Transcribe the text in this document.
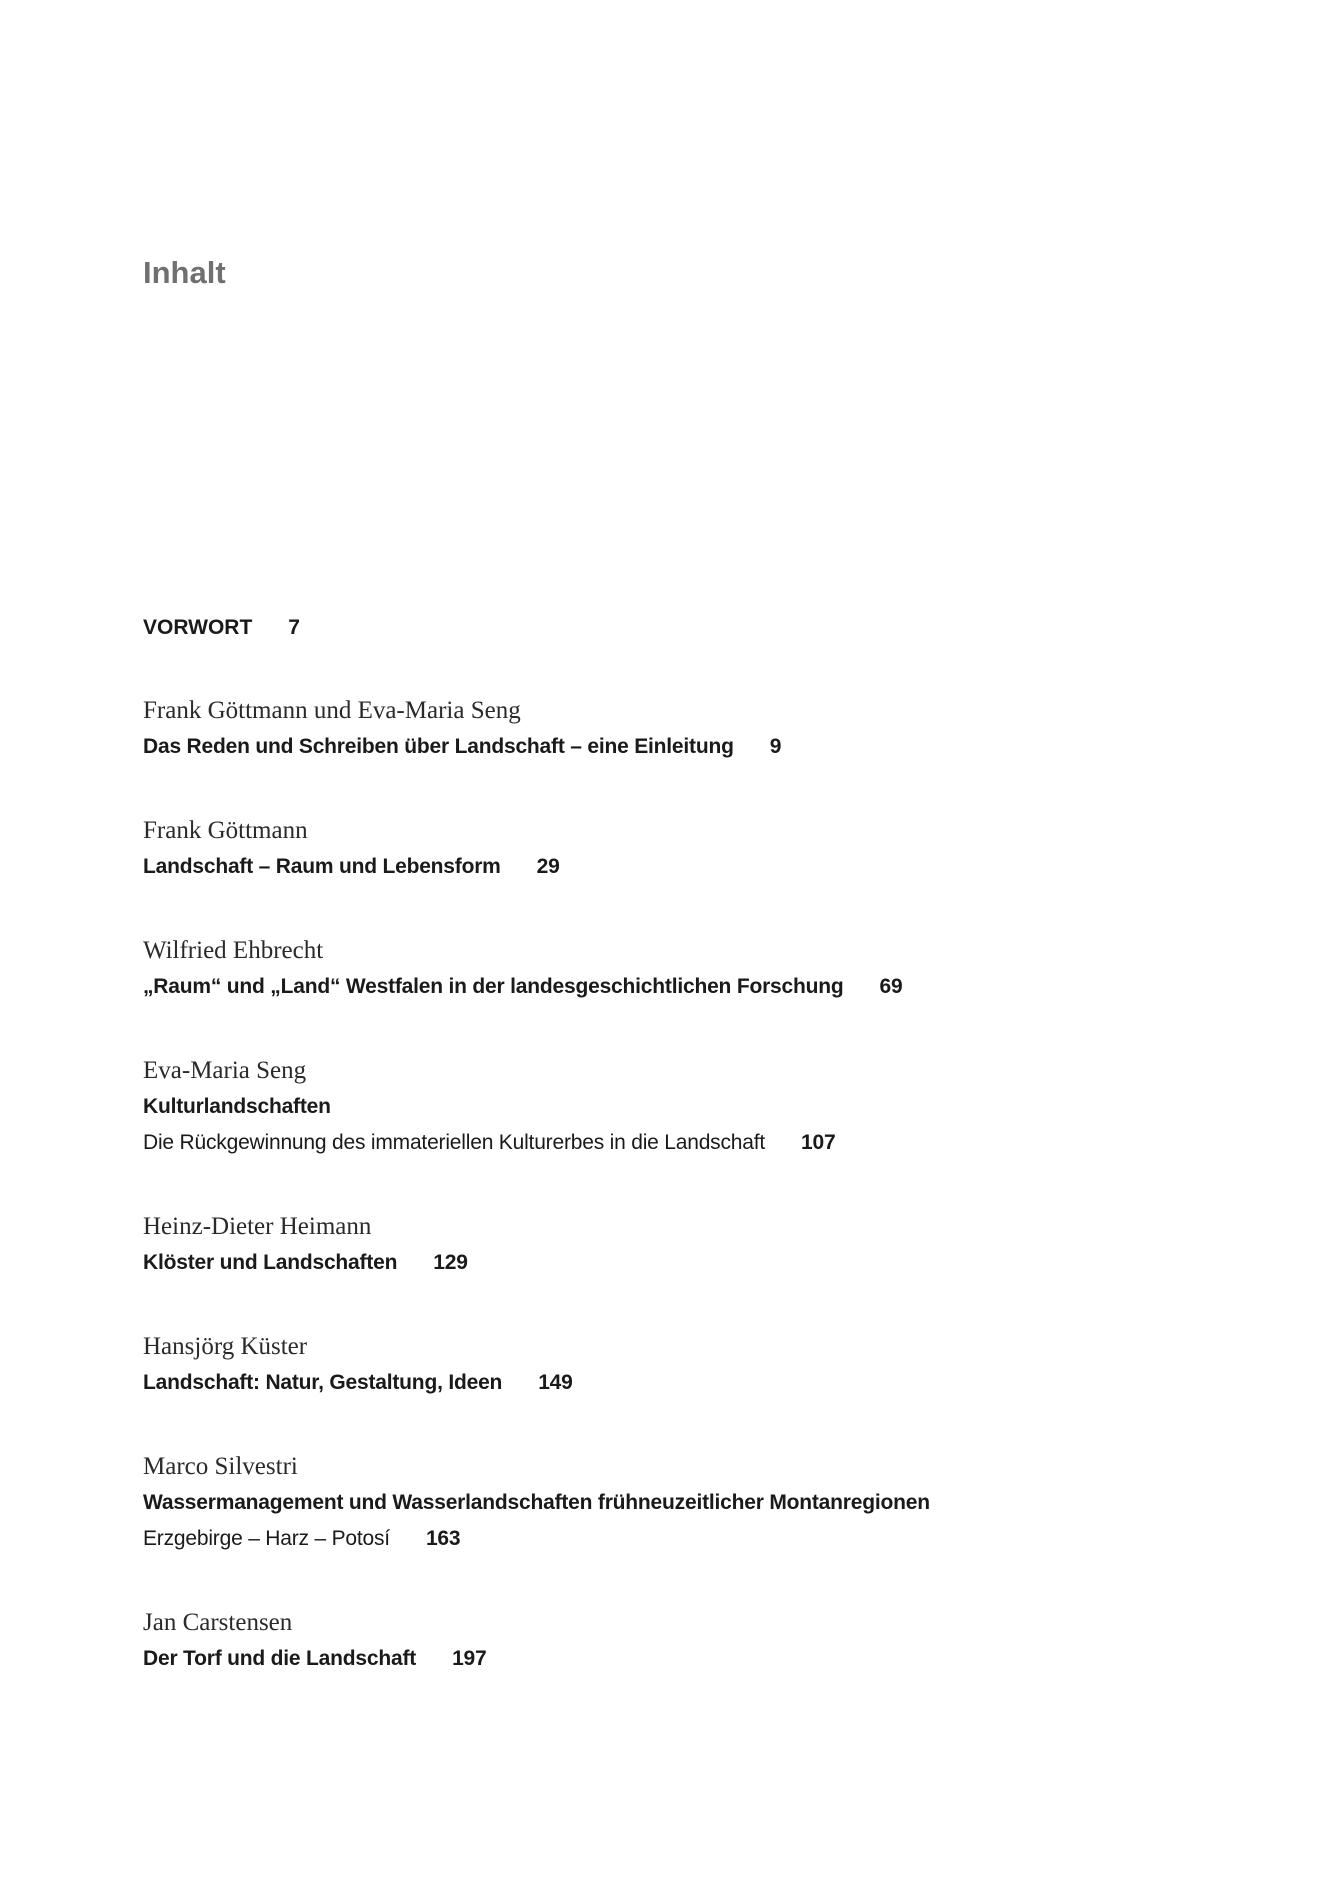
Inhalt

VORWORT 7

Frank Göttmann und Eva-Maria Seng
Das Reden und Schreiben über Landschaft – eine Einleitung 9
Frank Göttmann
Landschaft – Raum und Lebensform 29
Wilfried Ehbrecht
„Raum“ und „Land“ Westfalen in der landesgeschichtlichen Forschung 69
Eva-Maria Seng
Kulturlandschaften
Die Rückgewinnung des immateriellen Kulturerbes in die Landschaft 107
Heinz-Dieter Heimann
Klöster und Landschaften 129
Hansjörg Küster
Landschaft: Natur, Gestaltung, Ideen 149
Marco Silvestri
Wassermanagement und Wasserlandschaften frühneuzeitlicher Montanregionen
Erzgebirge – Harz – Potosí 163
Jan Carstensen
Der Torf und die Landschaft 197
